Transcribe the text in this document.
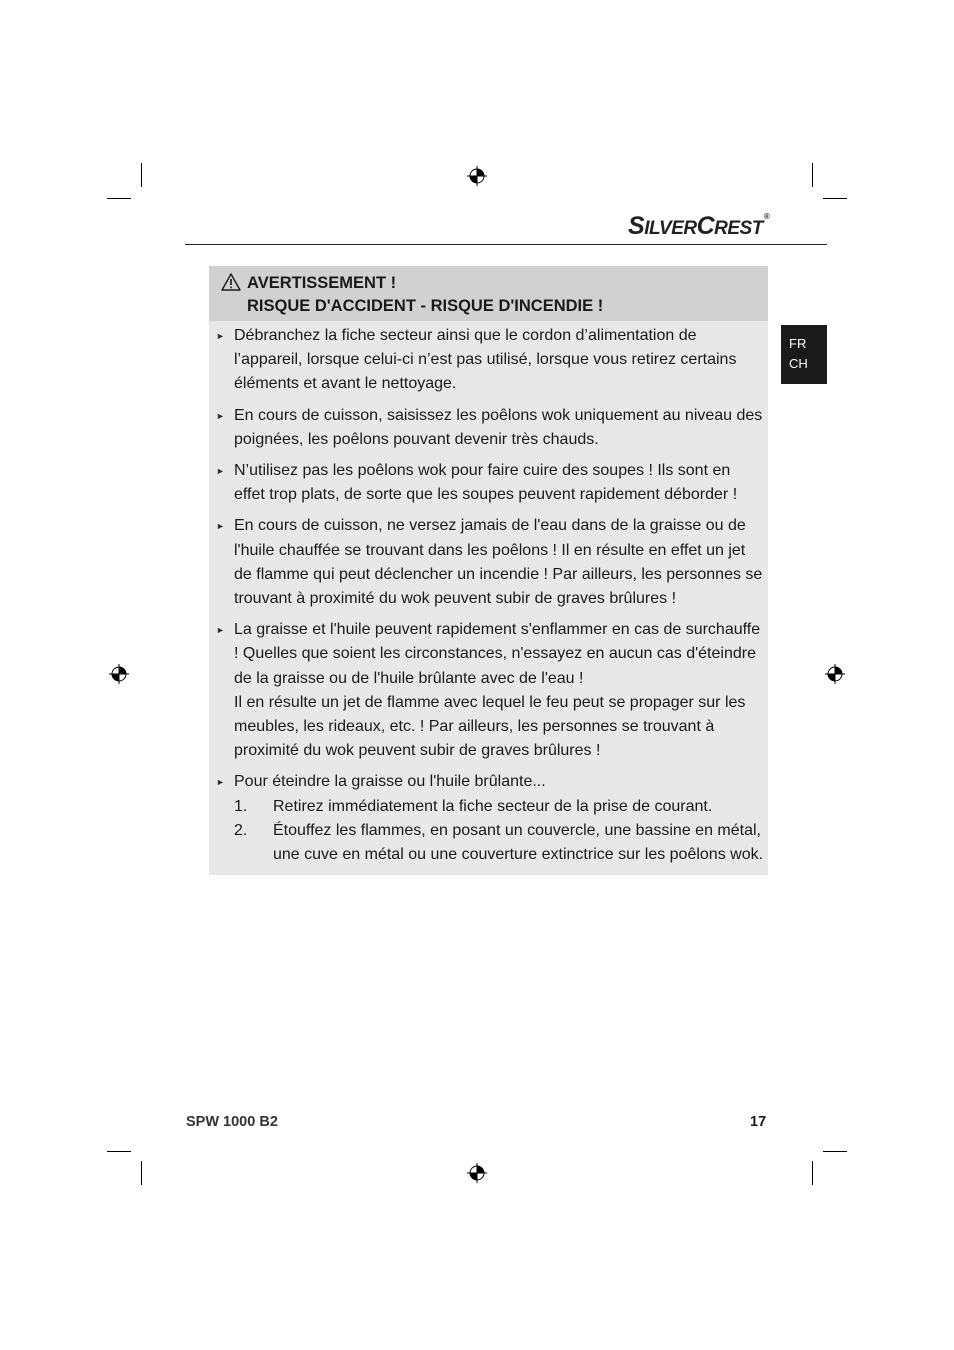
SILVERCREST®
FR
CH
AVERTISSEMENT !
RISQUE D'ACCIDENT - RISQUE D'INCENDIE !
► Débranchez la fiche secteur ainsi que le cordon d’alimentation de l’appareil, lorsque celui-ci n’est pas utilisé, lorsque vous retirez certains éléments et avant le nettoyage.
► En cours de cuisson, saisissez les poêlons wok uniquement au niveau des poignées, les poêlons pouvant devenir très chauds.
► N’utilisez pas les poêlons wok pour faire cuire des soupes ! Ils sont en effet trop plats, de sorte que les soupes peuvent rapidement déborder !
► En cours de cuisson, ne versez jamais de l'eau dans de la graisse ou de l'huile chauffée se trouvant dans les poêlons ! Il en résulte en effet un jet de flamme qui peut déclencher un incendie ! Par ailleurs, les personnes se trouvant à proximité du wok peuvent subir de graves brûlures !
► La graisse et l'huile peuvent rapidement s'enflammer en cas de surchauffe ! Quelles que soient les circonstances, n'essayez en aucun cas d'éteindre de la graisse ou de l'huile brûlante avec de l'eau !
Il en résulte un jet de flamme avec lequel le feu peut se propager sur les meubles, les rideaux, etc. ! Par ailleurs, les personnes se trouvant à proximité du wok peuvent subir de graves brûlures !
► Pour éteindre la graisse ou l'huile brûlante...
1. Retirez immédiatement la fiche secteur de la prise de courant.
2. Étouffez les flammes, en posant un couvercle, une bassine en métal, une cuve en métal ou une couverture extinctrice sur les poêlons wok.
SPW 1000 B2	17
